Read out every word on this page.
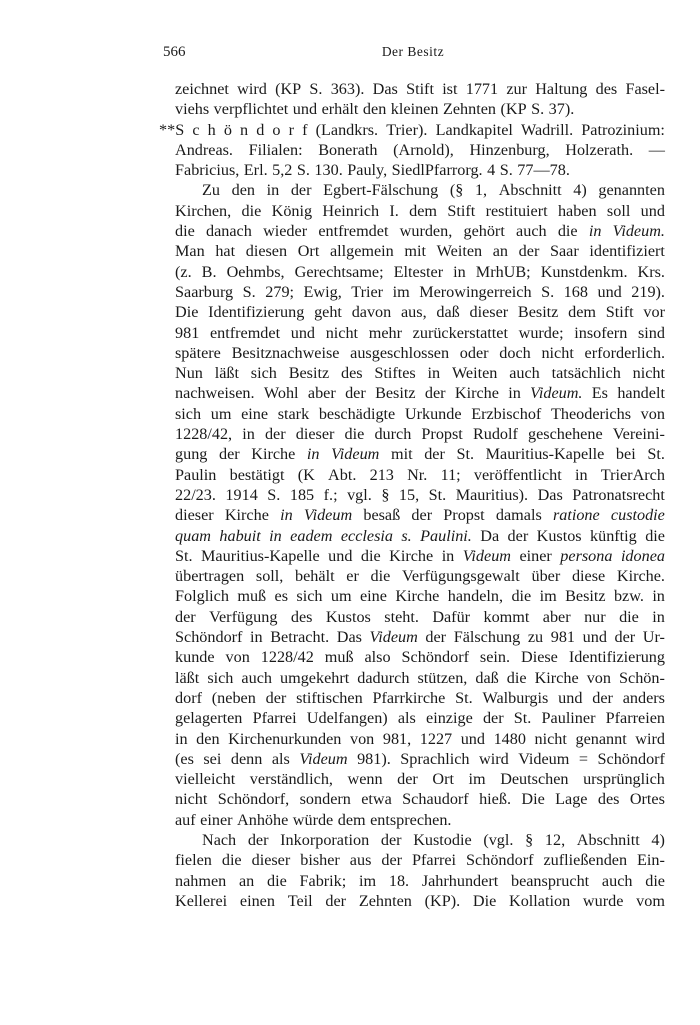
566	Der Besitz
zeichnet wird (KP S. 363). Das Stift ist 1771 zur Haltung des Fasel-
viehs verpflichtet und erhält den kleinen Zehnten (KP S. 37).
**S c h ö n d o r f (Landkrs. Trier). Landkapitel Wadrill. Patrozinium:
Andreas. Filialen: Bonerath (Arnold), Hinzenburg, Holzerath. —
Fabricius, Erl. 5,2 S. 130. Pauly, SiedlPfarrorg. 4 S. 77—78.
Zu den in der Egbert-Fälschung (§ 1, Abschnitt 4) genannten
Kirchen, die König Heinrich I. dem Stift restituiert haben soll und
die danach wieder entfremdet wurden, gehört auch die in Videum.
Man hat diesen Ort allgemein mit Weiten an der Saar identifiziert
(z. B. Oehmbs, Gerechtsame; Eltester in MrhUB; Kunstdenkm. Krs.
Saarburg S. 279; Ewig, Trier im Merowingerreich S. 168 und 219).
Die Identifizierung geht davon aus, daß dieser Besitz dem Stift vor
981 entfremdet und nicht mehr zurückerstattet wurde; insofern sind
spätere Besitznachweise ausgeschlossen oder doch nicht erforderlich.
Nun läßt sich Besitz des Stiftes in Weiten auch tatsächlich nicht
nachweisen. Wohl aber der Besitz der Kirche in Videum. Es handelt
sich um eine stark beschädigte Urkunde Erzbischof Theoderichs von
1228/42, in der dieser die durch Propst Rudolf geschehene Vereini-
gung der Kirche in Videum mit der St. Mauritius-Kapelle bei St.
Paulin bestätigt (K Abt. 213 Nr. 11; veröffentlicht in TrierArch
22/23. 1914 S. 185 f.; vgl. § 15, St. Mauritius). Das Patronatsrecht
dieser Kirche in Videum besaß der Propst damals ratione custodie
quam habuit in eadem ecclesia s. Paulini. Da der Kustos künftig die
St. Mauritius-Kapelle und die Kirche in Videum einer persona idonea
übertragen soll, behält er die Verfügungsgewalt über diese Kirche.
Folglich muß es sich um eine Kirche handeln, die im Besitz bzw. in
der Verfügung des Kustos steht. Dafür kommt aber nur die in
Schöndorf in Betracht. Das Videum der Fälschung zu 981 und der Ur-
kunde von 1228/42 muß also Schöndorf sein. Diese Identifizierung
läßt sich auch umgekehrt dadurch stützen, daß die Kirche von Schön-
dorf (neben der stiftischen Pfarrkirche St. Walburgis und der anders
gelagerten Pfarrei Udelfangen) als einzige der St. Pauliner Pfarreien
in den Kirchenurkunden von 981, 1227 und 1480 nicht genannt wird
(es sei denn als Videum 981). Sprachlich wird Videum = Schöndorf
vielleicht verständlich, wenn der Ort im Deutschen ursprünglich
nicht Schöndorf, sondern etwa Schaudorf hieß. Die Lage des Ortes
auf einer Anhöhe würde dem entsprechen.
Nach der Inkorporation der Kustodie (vgl. § 12, Abschnitt 4)
fielen die dieser bisher aus der Pfarrei Schöndorf zufließenden Ein-
nahmen an die Fabrik; im 18. Jahrhundert beansprucht auch die
Kellerei einen Teil der Zehnten (KP). Die Kollation wurde vom
